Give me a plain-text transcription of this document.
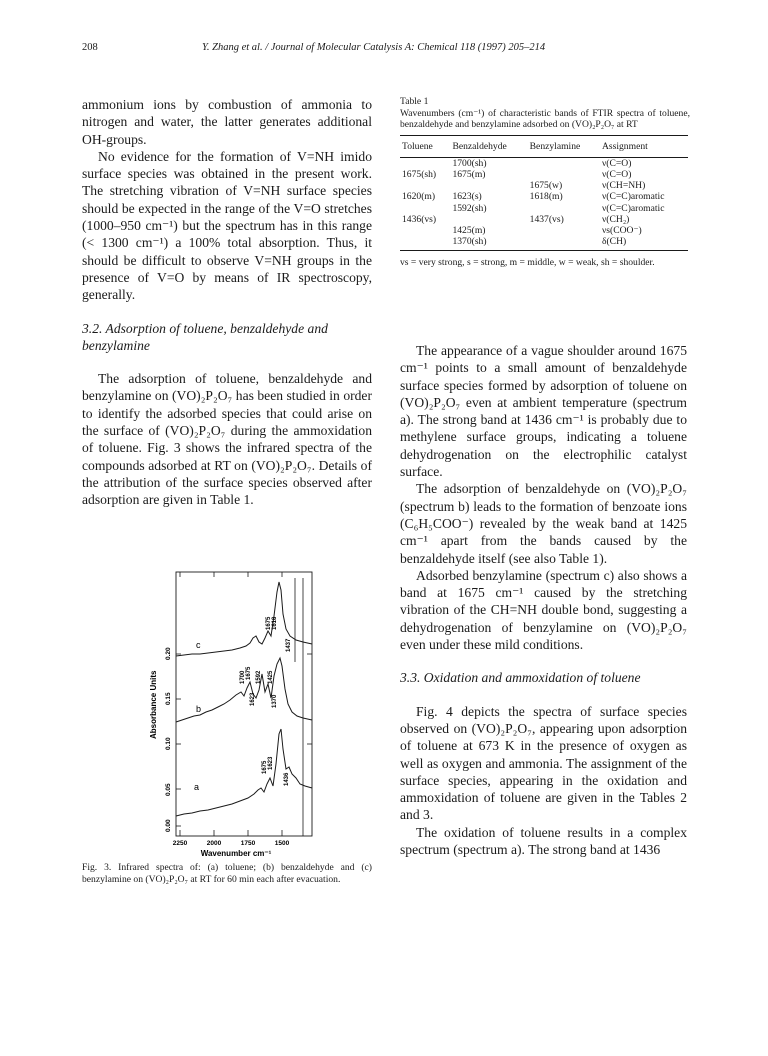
208	Y. Zhang et al. / Journal of Molecular Catalysis A: Chemical 118 (1997) 205–214

ammonium ions by combustion of ammonia to nitrogen and water, the latter generates additional OH-groups.

No evidence for the formation of V=NH imido surface species was obtained in the present work. The stretching vibration of V=NH surface species should be expected in the range of the V=O stretches (1000–950 cm⁻¹) but the spectrum has in this range (< 1300 cm⁻¹) a 100% total absorption. Thus, it should be difficult to observe V=NH groups in the presence of V=O by means of IR spectroscopy, generally.

3.2. Adsorption of toluene, benzaldehyde and benzylamine

The adsorption of toluene, benzaldehyde and benzylamine on (VO)₂P₂O₇ has been studied in order to identify the adsorbed species that could arise on the surface of (VO)₂P₂O₇ during the ammoxidation of toluene. Fig. 3 shows the infrared spectra of the compounds adsorbed at RT on (VO)₂P₂O₇. Details of the attribution of the surface species observed after adsorption are given in Table 1.

Table 1
Wavenumbers (cm⁻¹) of characteristic bands of FTIR spectra of toluene, benzaldehyde and benzylamine adsorbed on (VO)₂P₂O₇ at RT
Toluene	Benzaldehyde	Benzylamine	Assignment
	1700(sh)		ν(C=O)
1675(sh)	1675(m)		ν(C=O)
		1675(w)	ν(CH=NH)
1620(m)	1623(s)	1618(m)	ν(C=C)aromatic
	1592(sh)		ν(C=C)aromatic
1436(vs)		1437(vs)	ν(CH₂)
	1425(m)		νs(COO⁻)
	1370(sh)		δ(CH)
vs = very strong, s = strong, m = middle, w = weak, sh = shoulder.

The appearance of a vague shoulder around 1675 cm⁻¹ points to a small amount of benzaldehyde surface species formed by adsorption of toluene on (VO)₂P₂O₇ even at ambient temperature (spectrum a). The strong band at 1436 cm⁻¹ is probably due to methylene surface groups, indicating a toluene dehydrogenation on the electrophilic catalyst surface.

The adsorption of benzaldehyde on (VO)₂P₂O₇ (spectrum b) leads to the formation of benzoate ions (C₆H₅COO⁻) revealed by the weak band at 1425 cm⁻¹ apart from the bands caused by the benzaldehyde itself (see also Table 1).

Adsorbed benzylamine (spectrum c) also shows a band at 1675 cm⁻¹ caused by the stretching vibration of the CH=NH double bond, suggesting a dehydrogenation of benzylamine on (VO)₂P₂O₇ even under these mild conditions.

3.3. Oxidation and ammoxidation of toluene

Fig. 4 depicts the spectra of surface species observed on (VO)₂P₂O₇, appearing upon adsorption of toluene at 673 K in the presence of oxygen as well as oxygen and ammonia. The assignment of the surface species, appearing in the oxidation and ammoxidation of toluene are given in the Tables 2 and 3.

The oxidation of toluene results in a complex spectrum (spectrum a). The strong band at 1436

c
b
a
1675 1618
1437
1700 1675
1623
1592 1425
1370
1675 1623
1436
0.00
0.05
0.10
0.15
0.20
Absorbance Units
2250	2000	1750	1500
Wavenumber cm⁻¹
Fig. 3. Infrared spectra of: (a) toluene; (b) benzaldehyde and (c) benzylamine on (VO)₂P₂O₇ at RT for 60 min each after evacuation.
